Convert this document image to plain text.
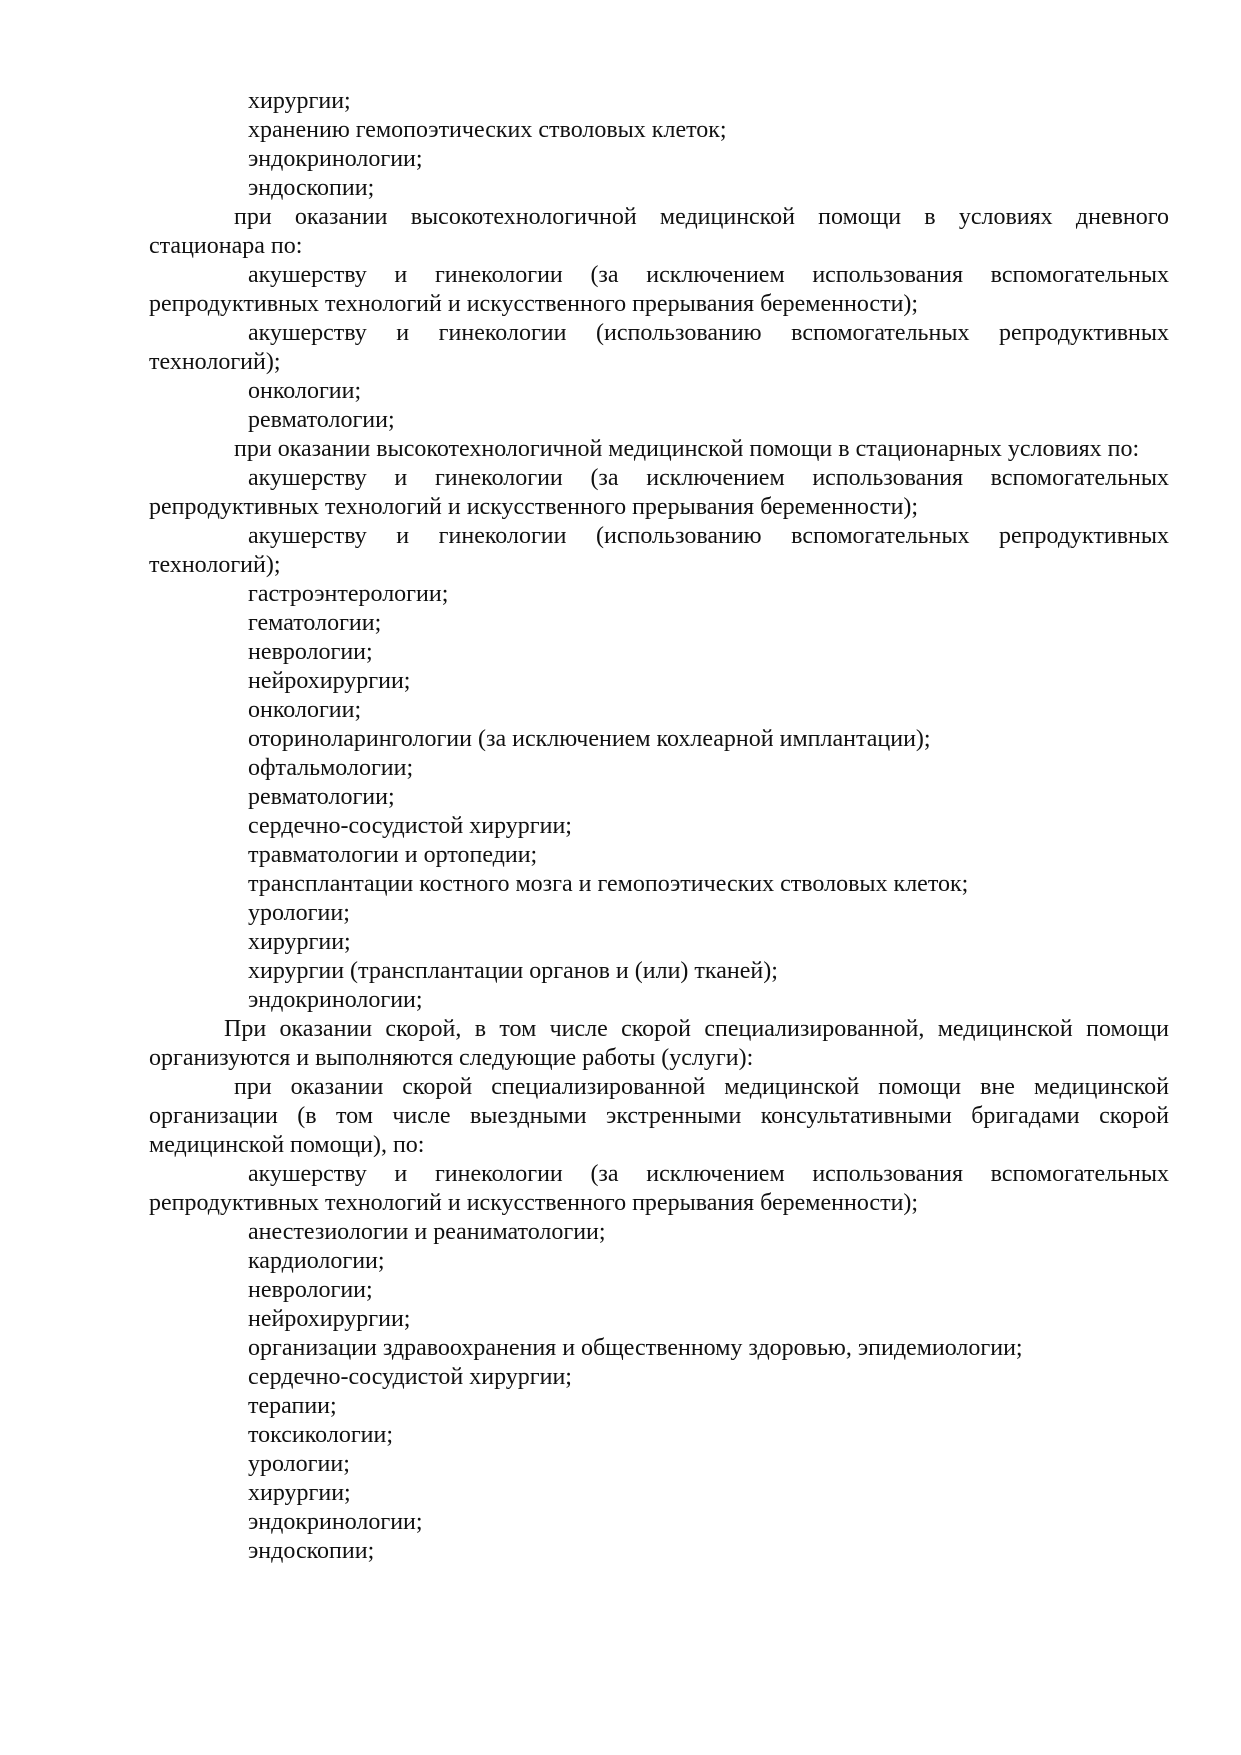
хирургии;

хранению гемопоэтических стволовых клеток;

эндокринологии;

эндоскопии;

при оказании высокотехнологичной медицинской помощи в условиях дневного стационара по:

акушерству и гинекологии (за исключением использования вспомогательных репродуктивных технологий и искусственного прерывания беременности);

акушерству и гинекологии (использованию вспомогательных репродуктивных технологий);

онкологии;

ревматологии;

при оказании высокотехнологичной медицинской помощи в стационарных условиях по:

акушерству и гинекологии (за исключением использования вспомогательных репродуктивных технологий и искусственного прерывания беременности);

акушерству и гинекологии (использованию вспомогательных репродуктивных технологий);

гастроэнтерологии;

гематологии;

неврологии;

нейрохирургии;

онкологии;

оториноларингологии (за исключением кохлеарной имплантации);

офтальмологии;

ревматологии;

сердечно-сосудистой хирургии;

травматологии и ортопедии;

трансплантации костного мозга и гемопоэтических стволовых клеток;

урологии;

хирургии;

хирургии (трансплантации органов и (или) тканей);

эндокринологии;

При оказании скорой, в том числе скорой специализированной, медицинской помощи организуются и выполняются следующие работы (услуги):

при оказании скорой специализированной медицинской помощи вне медицинской организации (в том числе выездными экстренными консультативными бригадами скорой медицинской помощи), по:

акушерству и гинекологии (за исключением использования вспомогательных репродуктивных технологий и искусственного прерывания беременности);

анестезиологии и реаниматологии;

кардиологии;

неврологии;

нейрохирургии;

организации здравоохранения и общественному здоровью, эпидемиологии;

сердечно-сосудистой хирургии;

терапии;

токсикологии;

урологии;

хирургии;

эндокринологии;

эндоскопии;
